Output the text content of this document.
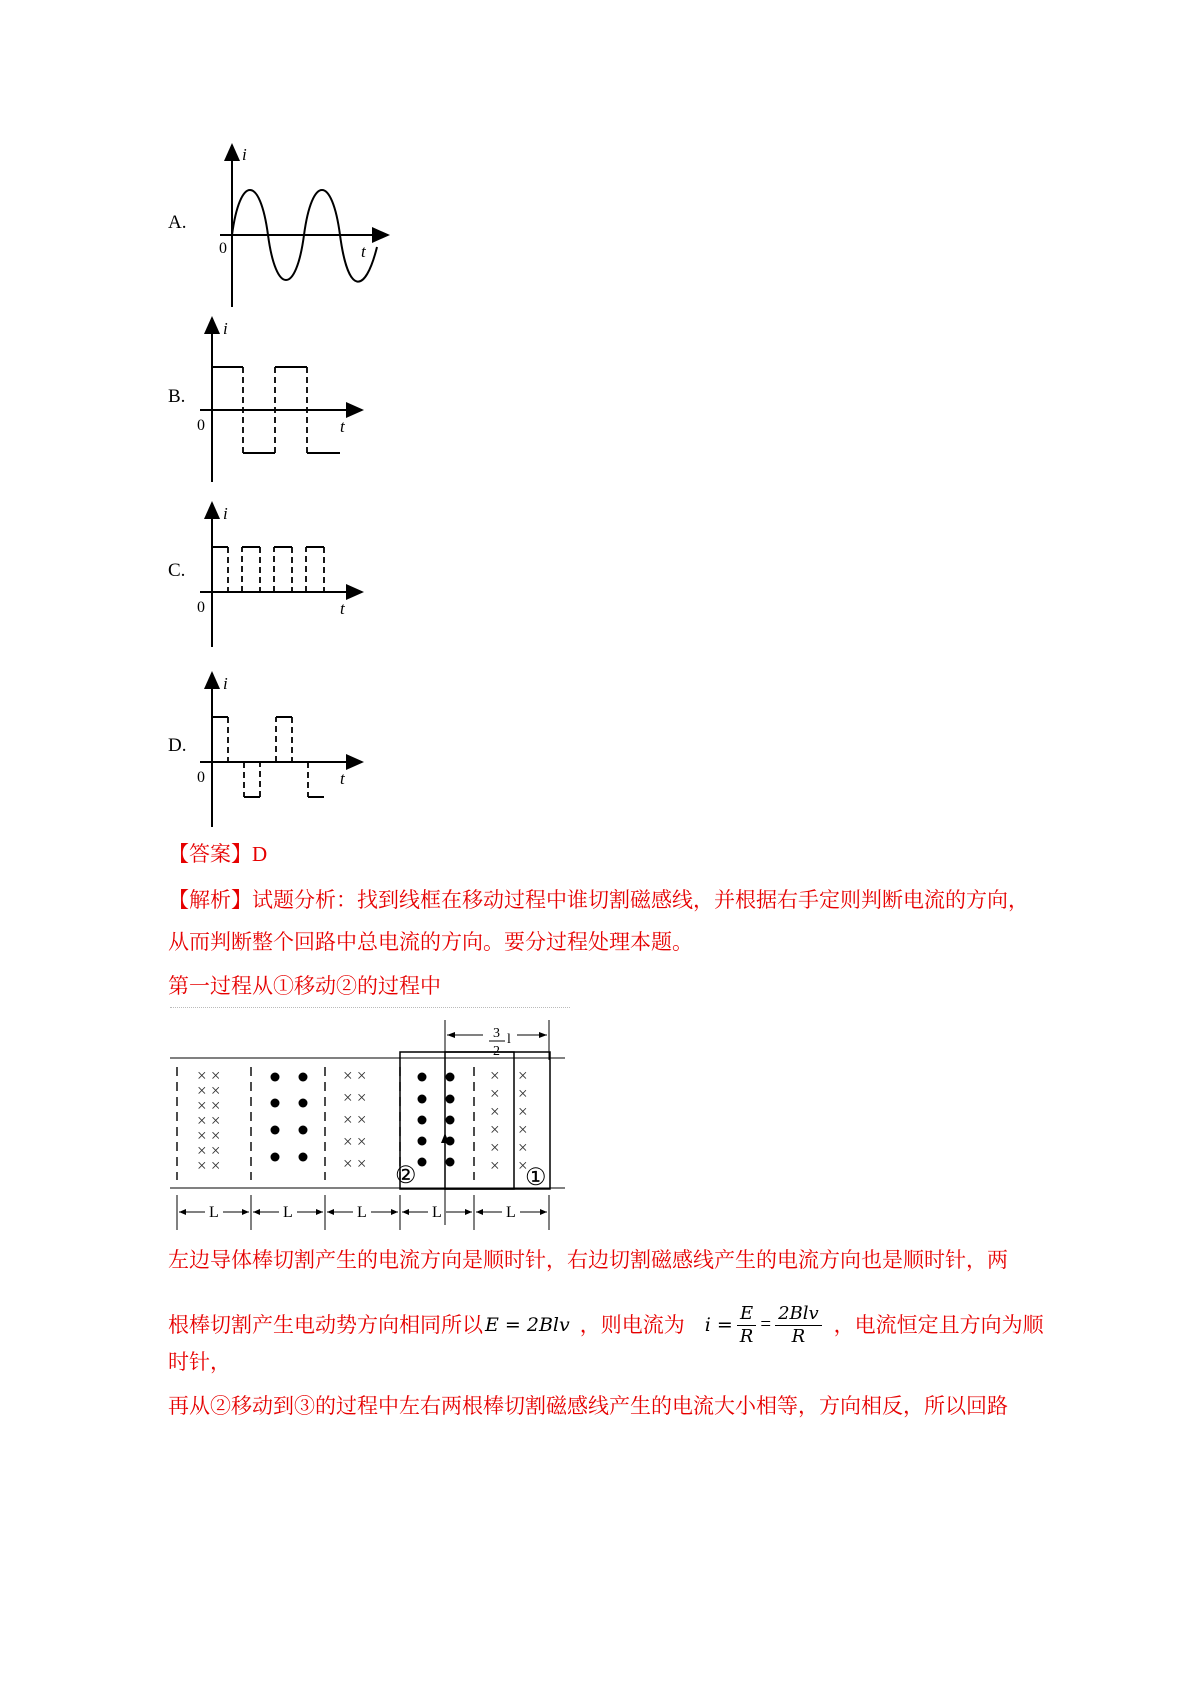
A.
i
0	t
B.
i
0	t
C.
i
0	t
D.
i
0	t
【答案】D
【解析】试题分析：找到线框在移动过程中谁切割磁感线，并根据右手定则判断电流的方向，
从而判断整个回路中总电流的方向。要分过程处理本题。
第一过程从①移动②的过程中
3
2
l
× ×
× ×
× ×
× ×
× ×
× ×
× ×
× ×
× ×
× ×
× ×
× ×
×
×
×
×
×
×
×
×
×
×
×
×
②	①
L	L	L	L	L
左边导体棒切割产生的电流方向是顺时针，右边切割磁感线产生的电流方向也是顺时针，两
根棒切割产生电动势方向相同所以 E = 2Blv ，则电流为 $i = \frac{E}{R} = \frac{\text{2Blv}}{R}$ ，电流恒定且方向为顺
时针，
再从②移动到③的过程中左右两根棒切割磁感线产生的电流大小相等，方向相反，所以回路
